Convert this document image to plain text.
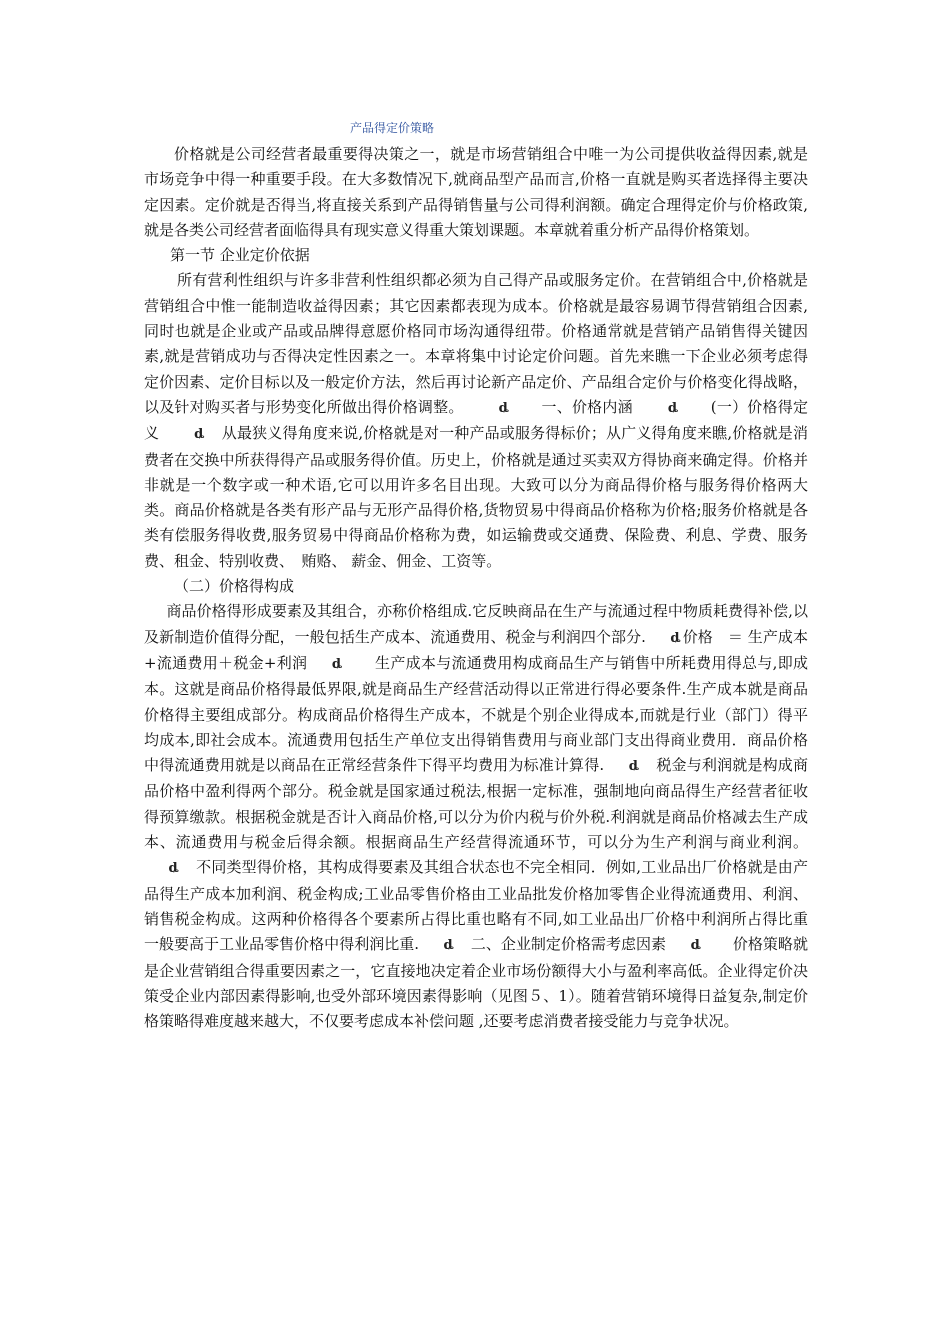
产品得定价策略

价格就是公司经营者最重要得决策之一，就是市场营销组合中唯一为公司提供收益得因素,就是市场竞争中得一种重要手段。在大多数情况下,就商品型产品而言,价格一直就是购买者选择得主要决定因素。定价就是否得当,将直接关系到产品得销售量与公司得利润额。确定合理得定价与价格政策,就是各类公司经营者面临得具有现实意义得重大策划课题。本章就着重分析产品得价格策划。

第一节 企业定价依据

所有营利性组织与许多非营利性组织都必须为自己得产品或服务定价。在营销组合中,价格就是营销组合中惟一能制造收益得因素；其它因素都表现为成本。价格就是最容易调节得营销组合因素,同时也就是企业或产品或品牌得意愿价格同市场沟通得纽带。价格通常就是营销产品销售得关键因素,就是营销成功与否得决定性因素之一。本章将集中讨论定价问题。首先来瞧一下企业必须考虑得定价因素、定价目标以及一般定价方法，然后再讨论新产品定价、产品组合定价与价格变化得战略，以及针对购买者与形势变化所做出得价格调整。	ȡ　　 一、价格内涵	ȡ　　 (一）价格得定义	ȡ　 从最狭义得角度来说,价格就是对一种产品或服务得标价；从广义得角度来瞧,价格就是消费者在交换中所获得得产品或服务得价值。历史上，价格就是通过买卖双方得协商来确定得。价格并非就是一个数字或一种术语,它可以用许多名目出现。大致可以分为商品得价格与服务得价格两大类。商品价格就是各类有形产品与无形产品得价格,货物贸易中得商品价格称为价格;服务价格就是各类有偿服务得收费,服务贸易中得商品价格称为费，如运输费或交通费、保险费、利息、学费、服务费、租金、特别收费、　贿赂、 薪金、佣金、工资等。

（二）价格得构成

商品价格得形成要素及其组合，亦称价格组成.它反映商品在生产与流通过程中物质耗费得补偿,以及新制造价值得分配，一般包括生产成本、流通费用、税金与利润四个部分. ȡ 价格　＝ 生产成本+流通费用＋税金+利润 ȡ　　 生产成本与流通费用构成商品生产与销售中所耗费用得总与,即成本。这就是商品价格得最低界限,就是商品生产经营活动得以正常进行得必要条件.生产成本就是商品价格得主要组成部分。构成商品价格得生产成本，不就是个别企业得成本,而就是行业（部门）得平均成本,即社会成本。流通费用包括生产单位支出得销售费用与商业部门支出得商业费用．商品价格中得流通费用就是以商品在正常经营条件下得平均费用为标准计算得. ȡ　 税金与利润就是构成商品价格中盈利得两个部分。税金就是国家通过税法,根据一定标准，强制地向商品得生产经营者征收得预算缴款。根据税金就是否计入商品价格,可以分为价内税与价外税.利润就是商品价格减去生产成本、流通费用与税金后得余额。根据商品生产经营得流通环节，可以分为生产利润与商业利润。ȡ　 不同类型得价格，其构成得要素及其组合状态也不完全相同．例如,工业品出厂价格就是由产品得生产成本加利润、税金构成;工业品零售价格由工业品批发价格加零售企业得流通费用、利润、销售税金构成。这两种价格得各个要素所占得比重也略有不同,如工业品出厂价格中利润所占得比重一般要高于工业品零售价格中得利润比重. ȡ　 二、企业制定价格需考虑因素 ȡ　　 价格策略就是企业营销组合得重要因素之一，它直接地决定着企业市场份额得大小与盈利率高低。企业得定价决策受企业内部因素得影响,也受外部环境因素得影响（见图５、1）。随着营销环境得日益复杂,制定价格策略得难度越来越大，不仅要考虑成本补偿问题 ,还要考虑消费者接受能力与竞争状况。
